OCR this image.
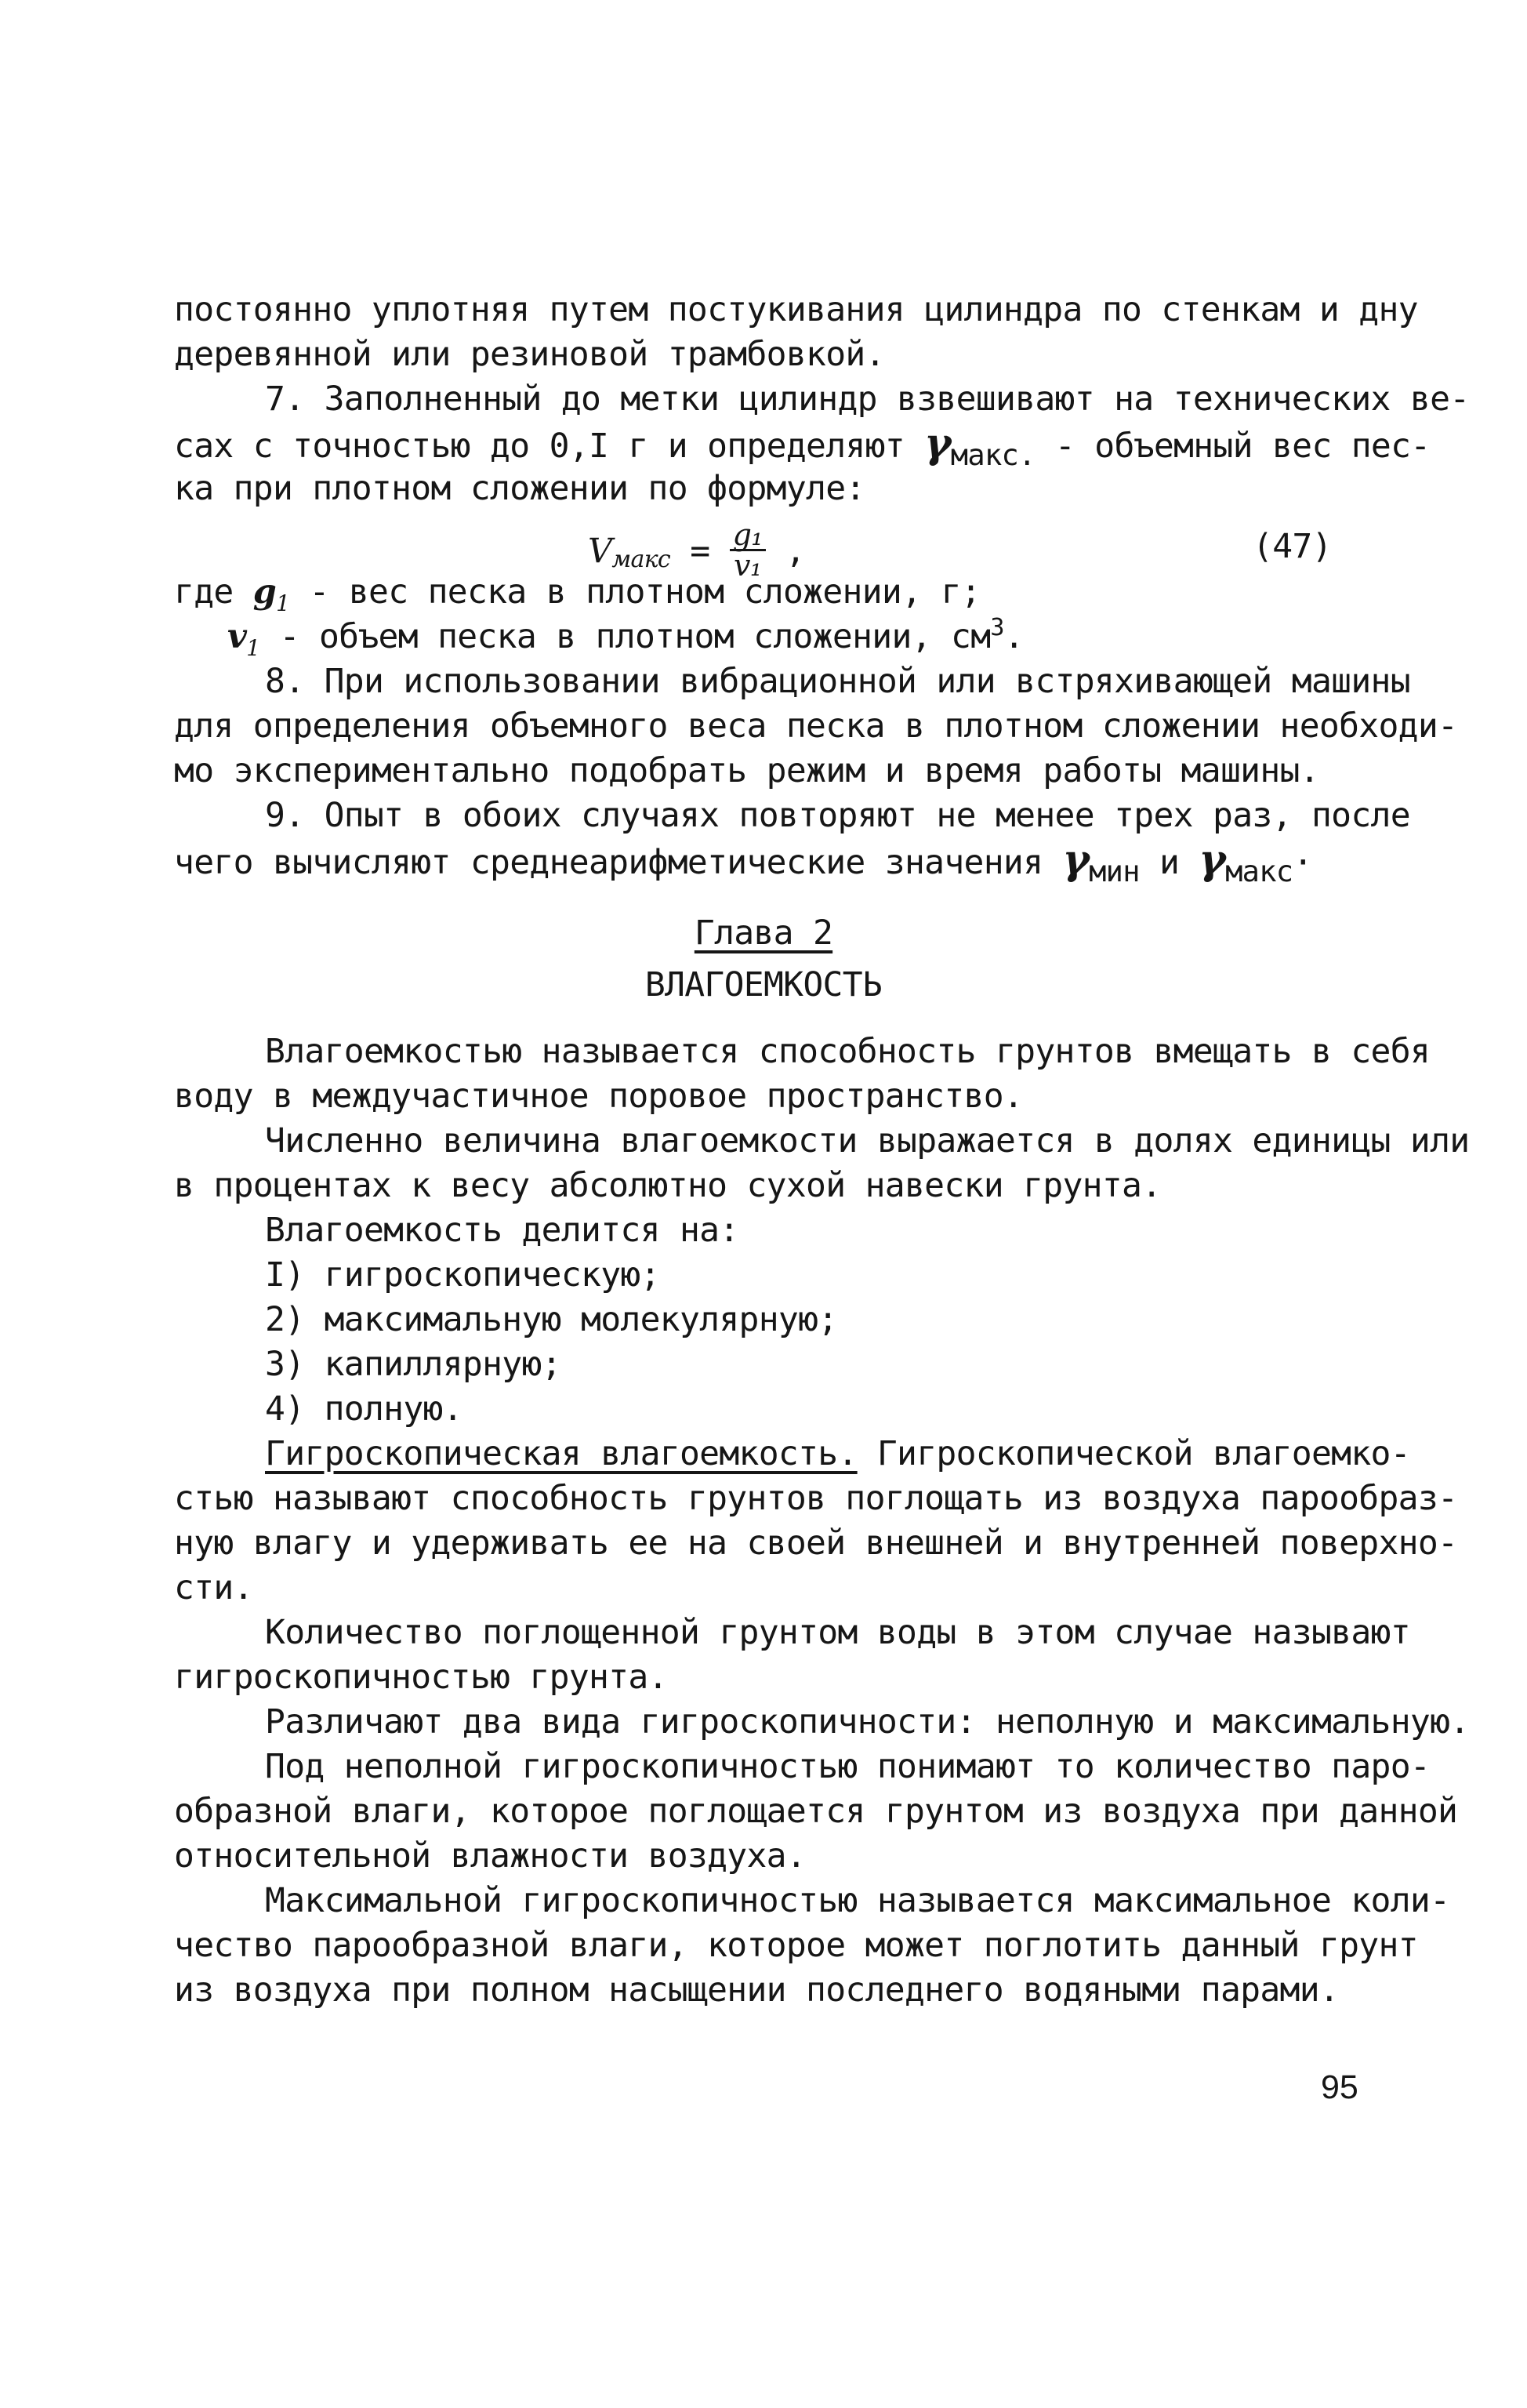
постоянно уплотняя путем постукивания цилиндра по стенкам и дну
деревянной или резиновой трамбовкой.
7. Заполненный до метки цилиндр взвешивают на технических ве-
сах с точностью до 0,I г и определяют γмакс. - объемный вес пес-
ка при плотном сложении по формуле:
Vмакс = $\frac{\text{g₁}}{\text{v₁}}$ ,	(47)
где $g_1$ - вес песка в плотном сложении, г;
$v_1$ - объем песка в плотном сложении, $см^3$.
8. При использовании вибрационной или встряхивающей машины
для определения объемного веса песка в плотном сложении необходи-
мо экспериментально подобрать режим и время работы машины.
9. Опыт в обоих случаях повторяют не менее трех раз, после
чего вычисляют среднеарифметические значения γмин и γмакс·
Глава 2
ВЛАГОЕМКОСТЬ
Влагоемкостью называется способность грунтов вмещать в себя
воду в междучастичное поровое пространство.
Численно величина влагоемкости выражается в долях единицы или
в процентах к весу абсолютно сухой навески грунта.
Влагоемкость делится на:
I) гигроскопическую;
2) максимальную молекулярную;
3) капиллярную;
4) полную.
Гигроскопическая влагоемкость. Гигроскопической влагоемко-
стью называют способность грунтов поглощать из воздуха парообраз-
ную влагу и удерживать ее на своей внешней и внутренней поверхно-
сти.
Количество поглощенной грунтом воды в этом случае называют
гигроскопичностью грунта.
Различают два вида гигроскопичности: неполную и максимальную.
Под неполной гигроскопичностью понимают то количество паро-
образной влаги, которое поглощается грунтом из воздуха при данной
относительной влажности воздуха.
Максимальной гигроскопичностью называется максимальное коли-
чество парообразной влаги, которое может поглотить данный грунт
из воздуха при полном насыщении последнего водяными парами.
95
